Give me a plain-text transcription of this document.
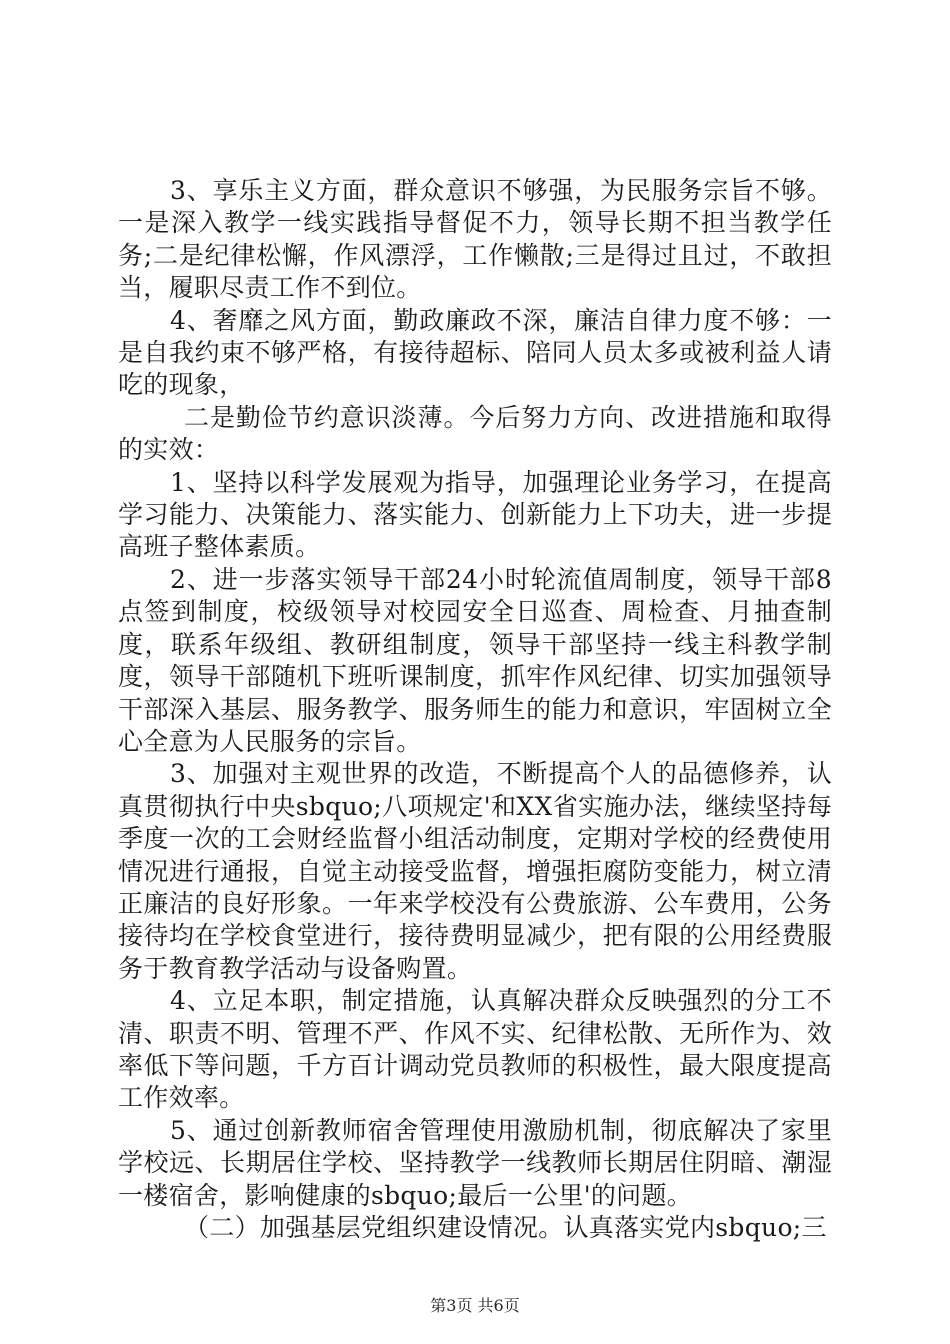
3、享乐主义方面，群众意识不够强，为民服务宗旨不够。一是深入教学一线实践指导督促不力，领导长期不担当教学任务;二是纪律松懈，作风漂浮，工作懒散;三是得过且过，不敢担当，履职尽责工作不到位。

4、奢靡之风方面，勤政廉政不深，廉洁自律力度不够：一是自我约束不够严格，有接待超标、陪同人员太多或被利益人请吃的现象，

二是勤俭节约意识淡薄。今后努力方向、改进措施和取得的实效：

1、坚持以科学发展观为指导，加强理论业务学习，在提高学习能力、决策能力、落实能力、创新能力上下功夫，进一步提高班子整体素质。

2、进一步落实领导干部24小时轮流值周制度，领导干部8点签到制度，校级领导对校园安全日巡查、周检查、月抽查制度，联系年级组、教研组制度，领导干部坚持一线主科教学制度，领导干部随机下班听课制度，抓牢作风纪律、切实加强领导干部深入基层、服务教学、服务师生的能力和意识，牢固树立全心全意为人民服务的宗旨。

3、加强对主观世界的改造，不断提高个人的品德修养，认真贯彻执行中央sbquo;八项规定'和XX省实施办法，继续坚持每季度一次的工会财经监督小组活动制度，定期对学校的经费使用情况进行通报，自觉主动接受监督，增强拒腐防变能力，树立清正廉洁的良好形象。一年来学校没有公费旅游、公车费用，公务接待均在学校食堂进行，接待费明显减少，把有限的公用经费服务于教育教学活动与设备购置。

4、立足本职，制定措施，认真解决群众反映强烈的分工不清、职责不明、管理不严、作风不实、纪律松散、无所作为、效率低下等问题，千方百计调动党员教师的积极性，最大限度提高工作效率。

5、通过创新教师宿舍管理使用激励机制，彻底解决了家里学校远、长期居住学校、坚持教学一线教师长期居住阴暗、潮湿一楼宿舍，影响健康的sbquo;最后一公里'的问题。

（二）加强基层党组织建设情况。认真落实党内sbquo;三

第3页 共6页
